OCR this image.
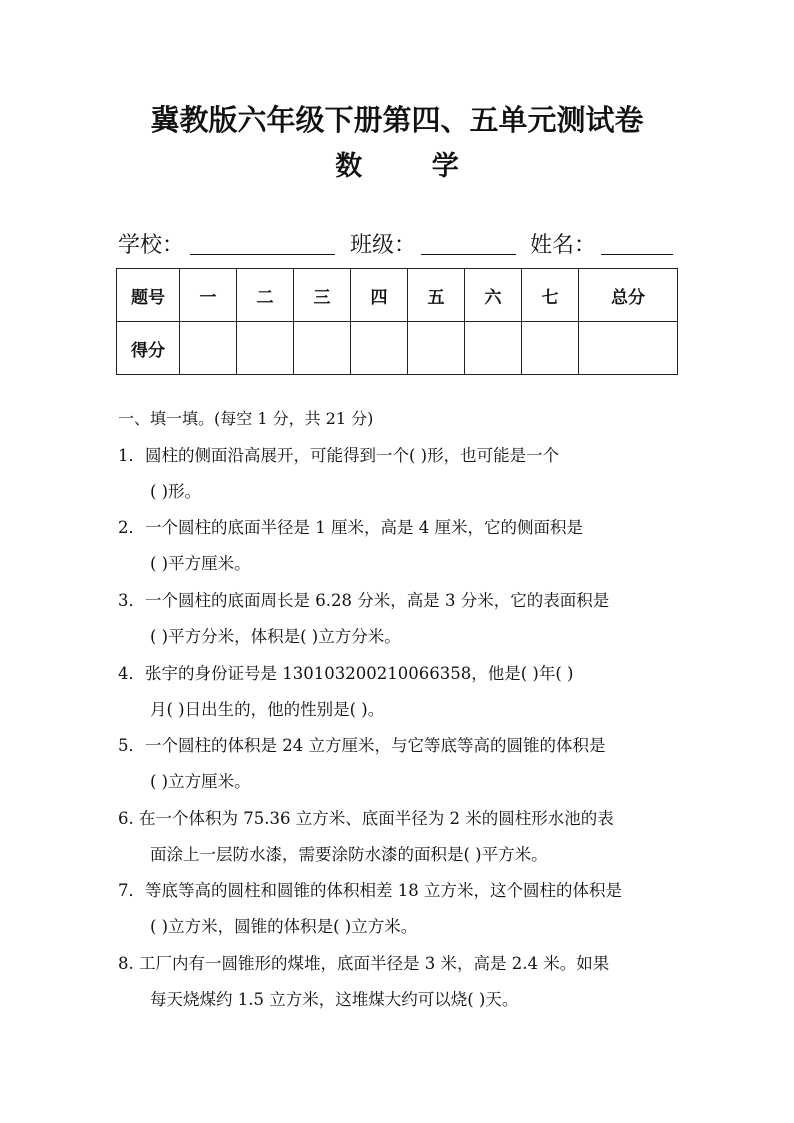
冀教版六年级下册第四、五单元测试卷
数 学
学校：	班级：	姓名：
题号	一	二	三	四	五	六	七	总分
得分								
一、填一填。(每空 1 分，共 21 分)
1．圆柱的侧面沿高展开，可能得到一个( )形，也可能是一个
( )形。
2．一个圆柱的底面半径是 1 厘米，高是 4 厘米，它的侧面积是
( )平方厘米。
3．一个圆柱的底面周长是 6.28 分米，高是 3 分米，它的表面积是
( )平方分米，体积是( )立方分米。
4．张宇的身份证号是 130103200210066358，他是( )年( )
月( )日出生的，他的性别是( )。
5．一个圆柱的体积是 24 立方厘米，与它等底等高的圆锥的体积是
( )立方厘米。
6. 在一个体积为 75.36 立方米、底面半径为 2 米的圆柱形水池的表
面涂上一层防水漆，需要涂防水漆的面积是( )平方米。
7．等底等高的圆柱和圆锥的体积相差 18 立方米，这个圆柱的体积是
( )立方米，圆锥的体积是( )立方米。
8. 工厂内有一圆锥形的煤堆，底面半径是 3 米，高是 2.4 米。如果
每天烧煤约 1.5 立方米，这堆煤大约可以烧( )天。
